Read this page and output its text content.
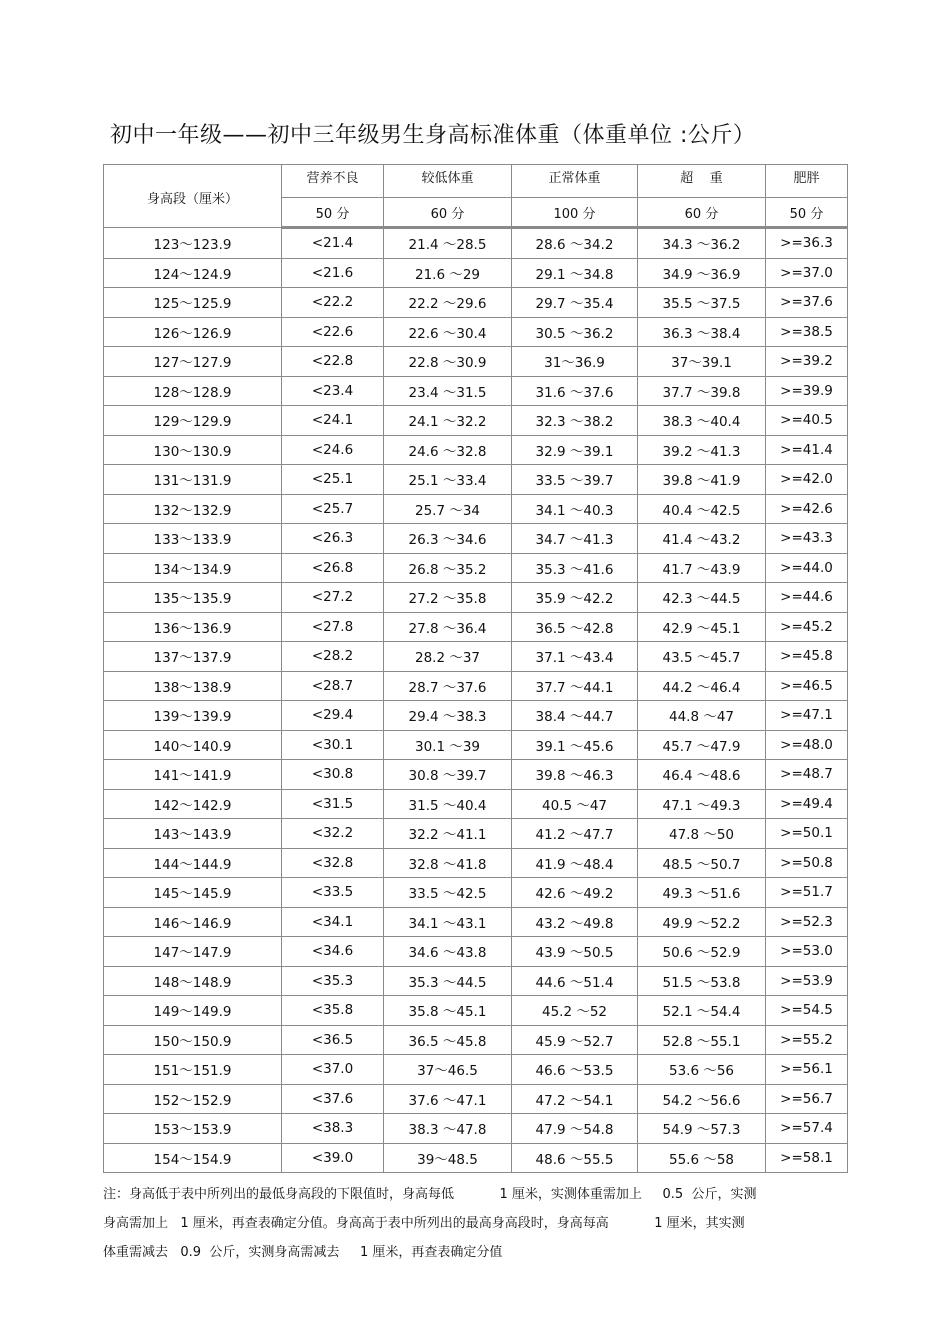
初中一年级——初中三年级男生身高标准体重（体重单位 :公斤）
身高段（厘米）	营养不良	较低体重	正常体重	超    重	肥胖
	50 分	60 分	100 分	60 分	50 分
123～123.9	<21.4	21.4 ～28.5	28.6 ～34.2	34.3 ～36.2	>=36.3
124～124.9	<21.6	21.6 ～29	29.1 ～34.8	34.9 ～36.9	>=37.0
125～125.9	<22.2	22.2 ～29.6	29.7 ～35.4	35.5 ～37.5	>=37.6
126～126.9	<22.6	22.6 ～30.4	30.5 ～36.2	36.3 ～38.4	>=38.5
127～127.9	<22.8	22.8 ～30.9	31～36.9	37～39.1	>=39.2
128～128.9	<23.4	23.4 ～31.5	31.6 ～37.6	37.7 ～39.8	>=39.9
129～129.9	<24.1	24.1 ～32.2	32.3 ～38.2	38.3 ～40.4	>=40.5
130～130.9	<24.6	24.6 ～32.8	32.9 ～39.1	39.2 ～41.3	>=41.4
131～131.9	<25.1	25.1 ～33.4	33.5 ～39.7	39.8 ～41.9	>=42.0
132～132.9	<25.7	25.7 ～34	34.1 ～40.3	40.4 ～42.5	>=42.6
133～133.9	<26.3	26.3 ～34.6	34.7 ～41.3	41.4 ～43.2	>=43.3
134～134.9	<26.8	26.8 ～35.2	35.3 ～41.6	41.7 ～43.9	>=44.0
135～135.9	<27.2	27.2 ～35.8	35.9 ～42.2	42.3 ～44.5	>=44.6
136～136.9	<27.8	27.8 ～36.4	36.5 ～42.8	42.9 ～45.1	>=45.2
137～137.9	<28.2	28.2 ～37	37.1 ～43.4	43.5 ～45.7	>=45.8
138～138.9	<28.7	28.7 ～37.6	37.7 ～44.1	44.2 ～46.4	>=46.5
139～139.9	<29.4	29.4 ～38.3	38.4 ～44.7	44.8 ～47	>=47.1
140～140.9	<30.1	30.1 ～39	39.1 ～45.6	45.7 ～47.9	>=48.0
141～141.9	<30.8	30.8 ～39.7	39.8 ～46.3	46.4 ～48.6	>=48.7
142～142.9	<31.5	31.5 ～40.4	40.5 ～47	47.1 ～49.3	>=49.4
143～143.9	<32.2	32.2 ～41.1	41.2 ～47.7	47.8 ～50	>=50.1
144～144.9	<32.8	32.8 ～41.8	41.9 ～48.4	48.5 ～50.7	>=50.8
145～145.9	<33.5	33.5 ～42.5	42.6 ～49.2	49.3 ～51.6	>=51.7
146～146.9	<34.1	34.1 ～43.1	43.2 ～49.8	49.9 ～52.2	>=52.3
147～147.9	<34.6	34.6 ～43.8	43.9 ～50.5	50.6 ～52.9	>=53.0
148～148.9	<35.3	35.3 ～44.5	44.6 ～51.4	51.5 ～53.8	>=53.9
149～149.9	<35.8	35.8 ～45.1	45.2 ～52	52.1 ～54.4	>=54.5
150～150.9	<36.5	36.5 ～45.8	45.9 ～52.7	52.8 ～55.1	>=55.2
151～151.9	<37.0	37～46.5	46.6 ～53.5	53.6 ～56	>=56.1
152～152.9	<37.6	37.6 ～47.1	47.2 ～54.1	54.2 ～56.6	>=56.7
153～153.9	<38.3	38.3 ～47.8	47.9 ～54.8	54.9 ～57.3	>=57.4
154～154.9	<39.0	39～48.5	48.6 ～55.5	55.6 ～58	>=58.1
注：身高低于表中所列出的最低身高段的下限值时，身高每低           1 厘米，实测体重需加上     0.5  公斤，实测
身高需加上   1 厘米，再查表确定分值。身高高于表中所列出的最高身高段时，身高每高           1 厘米，其实测
体重需减去   0.9  公斤，实测身高需减去     1 厘米，再查表确定分值
